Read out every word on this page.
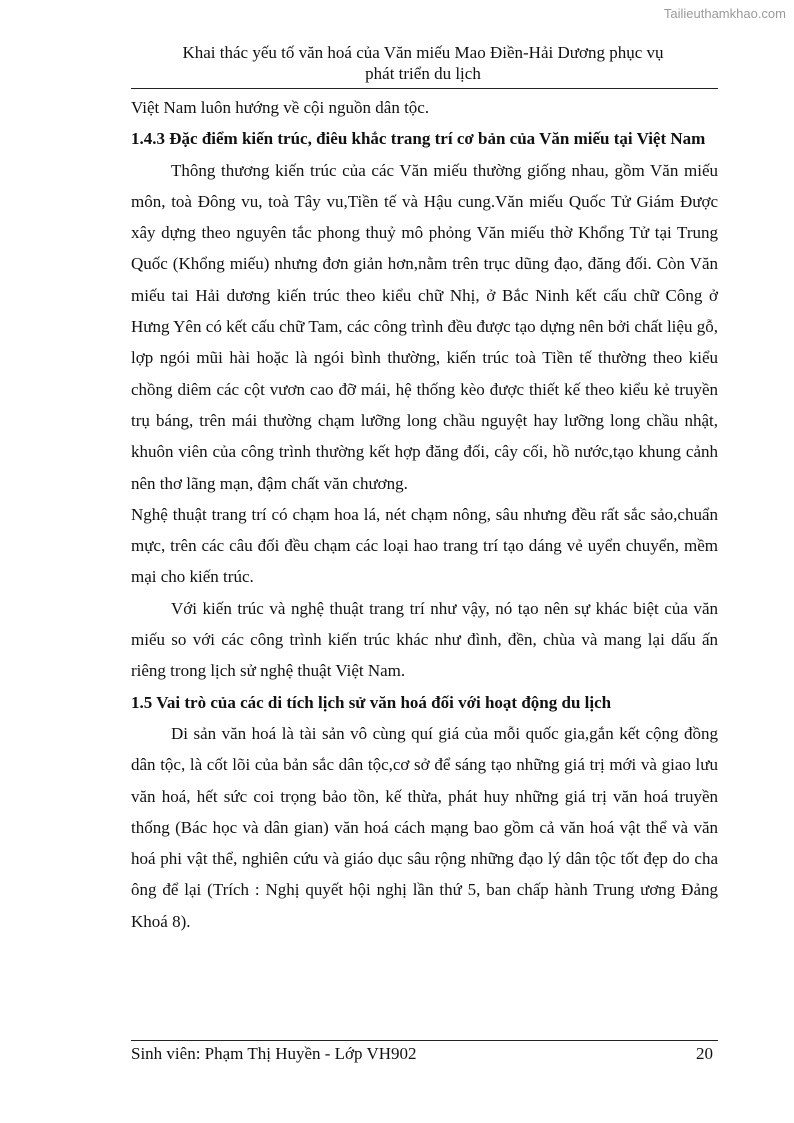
Tailieuthamkhao.com
Khai thác yếu tố văn hoá của Văn miếu Mao Điền-Hải Dương phục vụ
phát triển du lịch

Việt Nam luôn hướng về cội nguồn dân tộc.

1.4.3 Đặc điểm kiến trúc, điêu khắc trang trí cơ bản của Văn miếu tại Việt Nam

Thông thương kiến trúc của các Văn miếu thường giống nhau, gồm Văn miếu môn, toà Đông vu, toà Tây vu,Tiền tế và Hậu cung.Văn miếu Quốc Tử Giám Được xây dựng theo nguyên tắc phong thuỷ mô phỏng Văn miếu thờ Khổng Tử tại Trung Quốc (Khổng miếu) nhưng đơn giản hơn,nằm trên trục dũng đạo, đăng đối. Còn Văn miếu tai Hải dương kiến trúc theo kiểu chữ Nhị, ở Bắc Ninh kết cấu chữ Công ở Hưng Yên có kết cấu chữ Tam, các công trình đều được tạo dựng nên bởi chất liệu gỗ, lợp ngói mũi hài hoặc là ngói bình thường, kiến trúc toà Tiền tế thường theo kiểu chồng diêm các cột vươn cao đỡ mái, hệ thống kèo được thiết kế theo kiểu kẻ truyền trụ báng, trên mái thường chạm lưỡng long chầu nguyệt hay lưỡng long chầu nhật, khuôn viên của công trình thường kết hợp đăng đối, cây cối, hồ nước,tạo khung cảnh nên thơ lãng mạn, đậm chất văn chương.

Nghệ thuật trang trí có chạm hoa lá, nét chạm nông, sâu nhưng đều rất sắc sảo,chuẩn mực, trên các câu đối đều chạm các loại hao trang trí tạo dáng vẻ uyển chuyển, mềm mại cho kiến trúc.

Với kiến trúc và nghệ thuật trang trí như vậy, nó tạo nên sự khác biệt của văn miếu so với các công trình kiến trúc khác như đình, đền, chùa và mang lại dấu ấn riêng trong lịch sử nghệ thuật Việt Nam.

1.5 Vai trò của các di tích lịch sử văn hoá đối với hoạt động du lịch

Di sản văn hoá là tài sản vô cùng quí giá của mỗi quốc gia,gắn kết cộng đồng dân tộc, là cốt lõi của bản sắc dân tộc,cơ sở để sáng tạo những giá trị mới và giao lưu văn hoá, hết sức coi trọng bảo tồn, kế thừa, phát huy những giá trị văn hoá truyền thống (Bác học và dân gian) văn hoá cách mạng bao gồm cả văn hoá vật thể và văn hoá phi vật thể, nghiên cứu và giáo dục sâu rộng những đạo lý dân tộc tốt đẹp do cha ông để lại (Trích : Nghị quyết hội nghị lần thứ 5, ban chấp hành Trung ương Đảng Khoá 8).

Sinh viên: Phạm Thị Huyền - Lớp VH902	20
